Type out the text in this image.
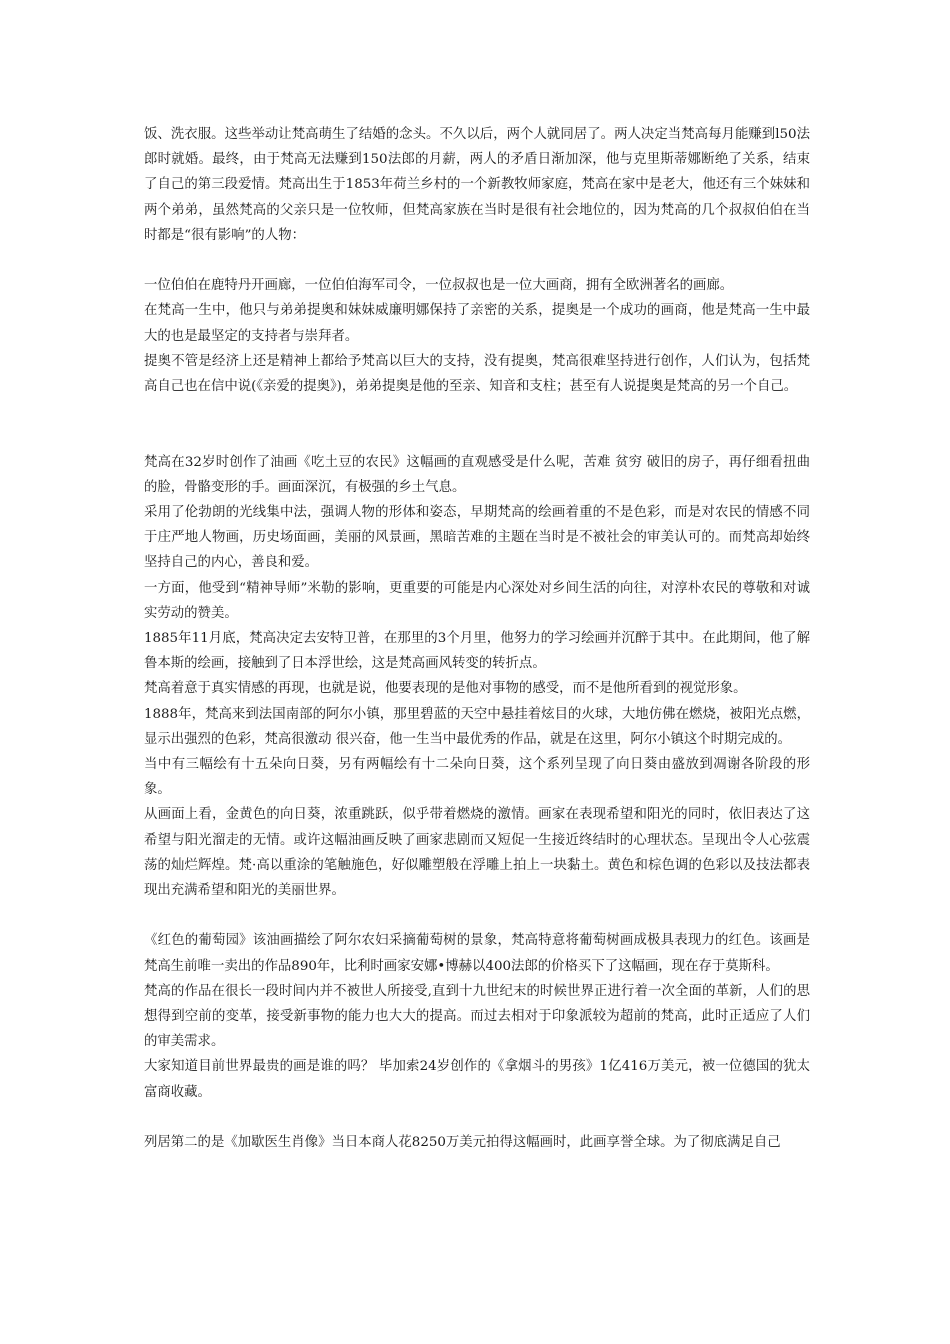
饭、洗衣服。这些举动让梵高萌生了结婚的念头。不久以后，两个人就同居了。两人决定当梵高每月能赚到l50法郎时就婚。最终，由于梵高无法赚到150法郎的月薪，两人的矛盾日渐加深，他与克里斯蒂娜断绝了关系，结束了自己的第三段爱情。梵高出生于1853年荷兰乡村的一个新教牧师家庭，梵高在家中是老大，他还有三个妹妹和两个弟弟，虽然梵高的父亲只是一位牧师，但梵高家族在当时是很有社会地位的，因为梵高的几个叔叔伯伯在当时都是“很有影响”的人物：

一位伯伯在鹿特丹开画廊，一位伯伯海军司令，一位叔叔也是一位大画商，拥有全欧洲著名的画廊。

在梵高一生中，他只与弟弟提奥和妹妹威廉明娜保持了亲密的关系，提奥是一个成功的画商，他是梵高一生中最大的也是最坚定的支持者与崇拜者。

提奥不管是经济上还是精神上都给予梵高以巨大的支持，没有提奥，梵高很难坚持进行创作，人们认为，包括梵高自己也在信中说(《亲爱的提奥》)，弟弟提奥是他的至亲、知音和支柱；甚至有人说提奥是梵高的另一个自己。

梵高在32岁时创作了油画《吃土豆的农民》这幅画的直观感受是什么呢，苦难 贫穷 破旧的房子，再仔细看扭曲的脸，骨骼变形的手。画面深沉，有极强的乡土气息。

采用了伦勃朗的光线集中法，强调人物的形体和姿态，早期梵高的绘画着重的不是色彩，而是对农民的情感不同于庄严地人物画，历史场面画，美丽的风景画，黑暗苦难的主题在当时是不被社会的审美认可的。而梵高却始终坚持自己的内心，善良和爱。

一方面，他受到“精神导师”米勒的影响，更重要的可能是内心深处对乡间生活的向往，对淳朴农民的尊敬和对诚实劳动的赞美。

1885年11月底，梵高决定去安特卫普，在那里的3个月里，他努力的学习绘画并沉醉于其中。在此期间，他了解鲁本斯的绘画，接触到了日本浮世绘，这是梵高画风转变的转折点。

梵高着意于真实情感的再现，也就是说，他要表现的是他对事物的感受，而不是他所看到的视觉形象。

1888年，梵高来到法国南部的阿尔小镇，那里碧蓝的天空中悬挂着炫目的火球，大地仿佛在燃烧，被阳光点燃，显示出强烈的色彩，梵高很激动 很兴奋，他一生当中最优秀的作品，就是在这里，阿尔小镇这个时期完成的。

当中有三幅绘有十五朵向日葵，另有两幅绘有十二朵向日葵，这个系列呈现了向日葵由盛放到凋谢各阶段的形象。

从画面上看，金黄色的向日葵，浓重跳跃，似乎带着燃烧的激情。画家在表现希望和阳光的同时，依旧表达了这希望与阳光溜走的无情。或许这幅油画反映了画家悲剧而又短促一生接近终结时的心理状态。呈现出令人心弦震荡的灿烂辉煌。梵·高以重涂的笔触施色，好似雕塑般在浮雕上拍上一块黏土。黄色和棕色调的色彩以及技法都表现出充满希望和阳光的美丽世界。

《红色的葡萄园》该油画描绘了阿尔农妇采摘葡萄树的景象，梵高特意将葡萄树画成极具表现力的红色。该画是梵高生前唯一卖出的作品890年，比利时画家安娜•博赫以400法郎的价格买下了这幅画，现在存于莫斯科。

梵高的作品在很长一段时间内并不被世人所接受,直到十九世纪末的时候世界正进行着一次全面的革新，人们的思想得到空前的变革，接受新事物的能力也大大的提高。而过去相对于印象派较为超前的梵高，此时正适应了人们的审美需求。

大家知道目前世界最贵的画是谁的吗？ 毕加索24岁创作的《拿烟斗的男孩》1亿416万美元，被一位德国的犹太富商收藏。

列居第二的是《加歇医生肖像》当日本商人花8250万美元拍得这幅画时，此画享誉全球。为了彻底满足自己
